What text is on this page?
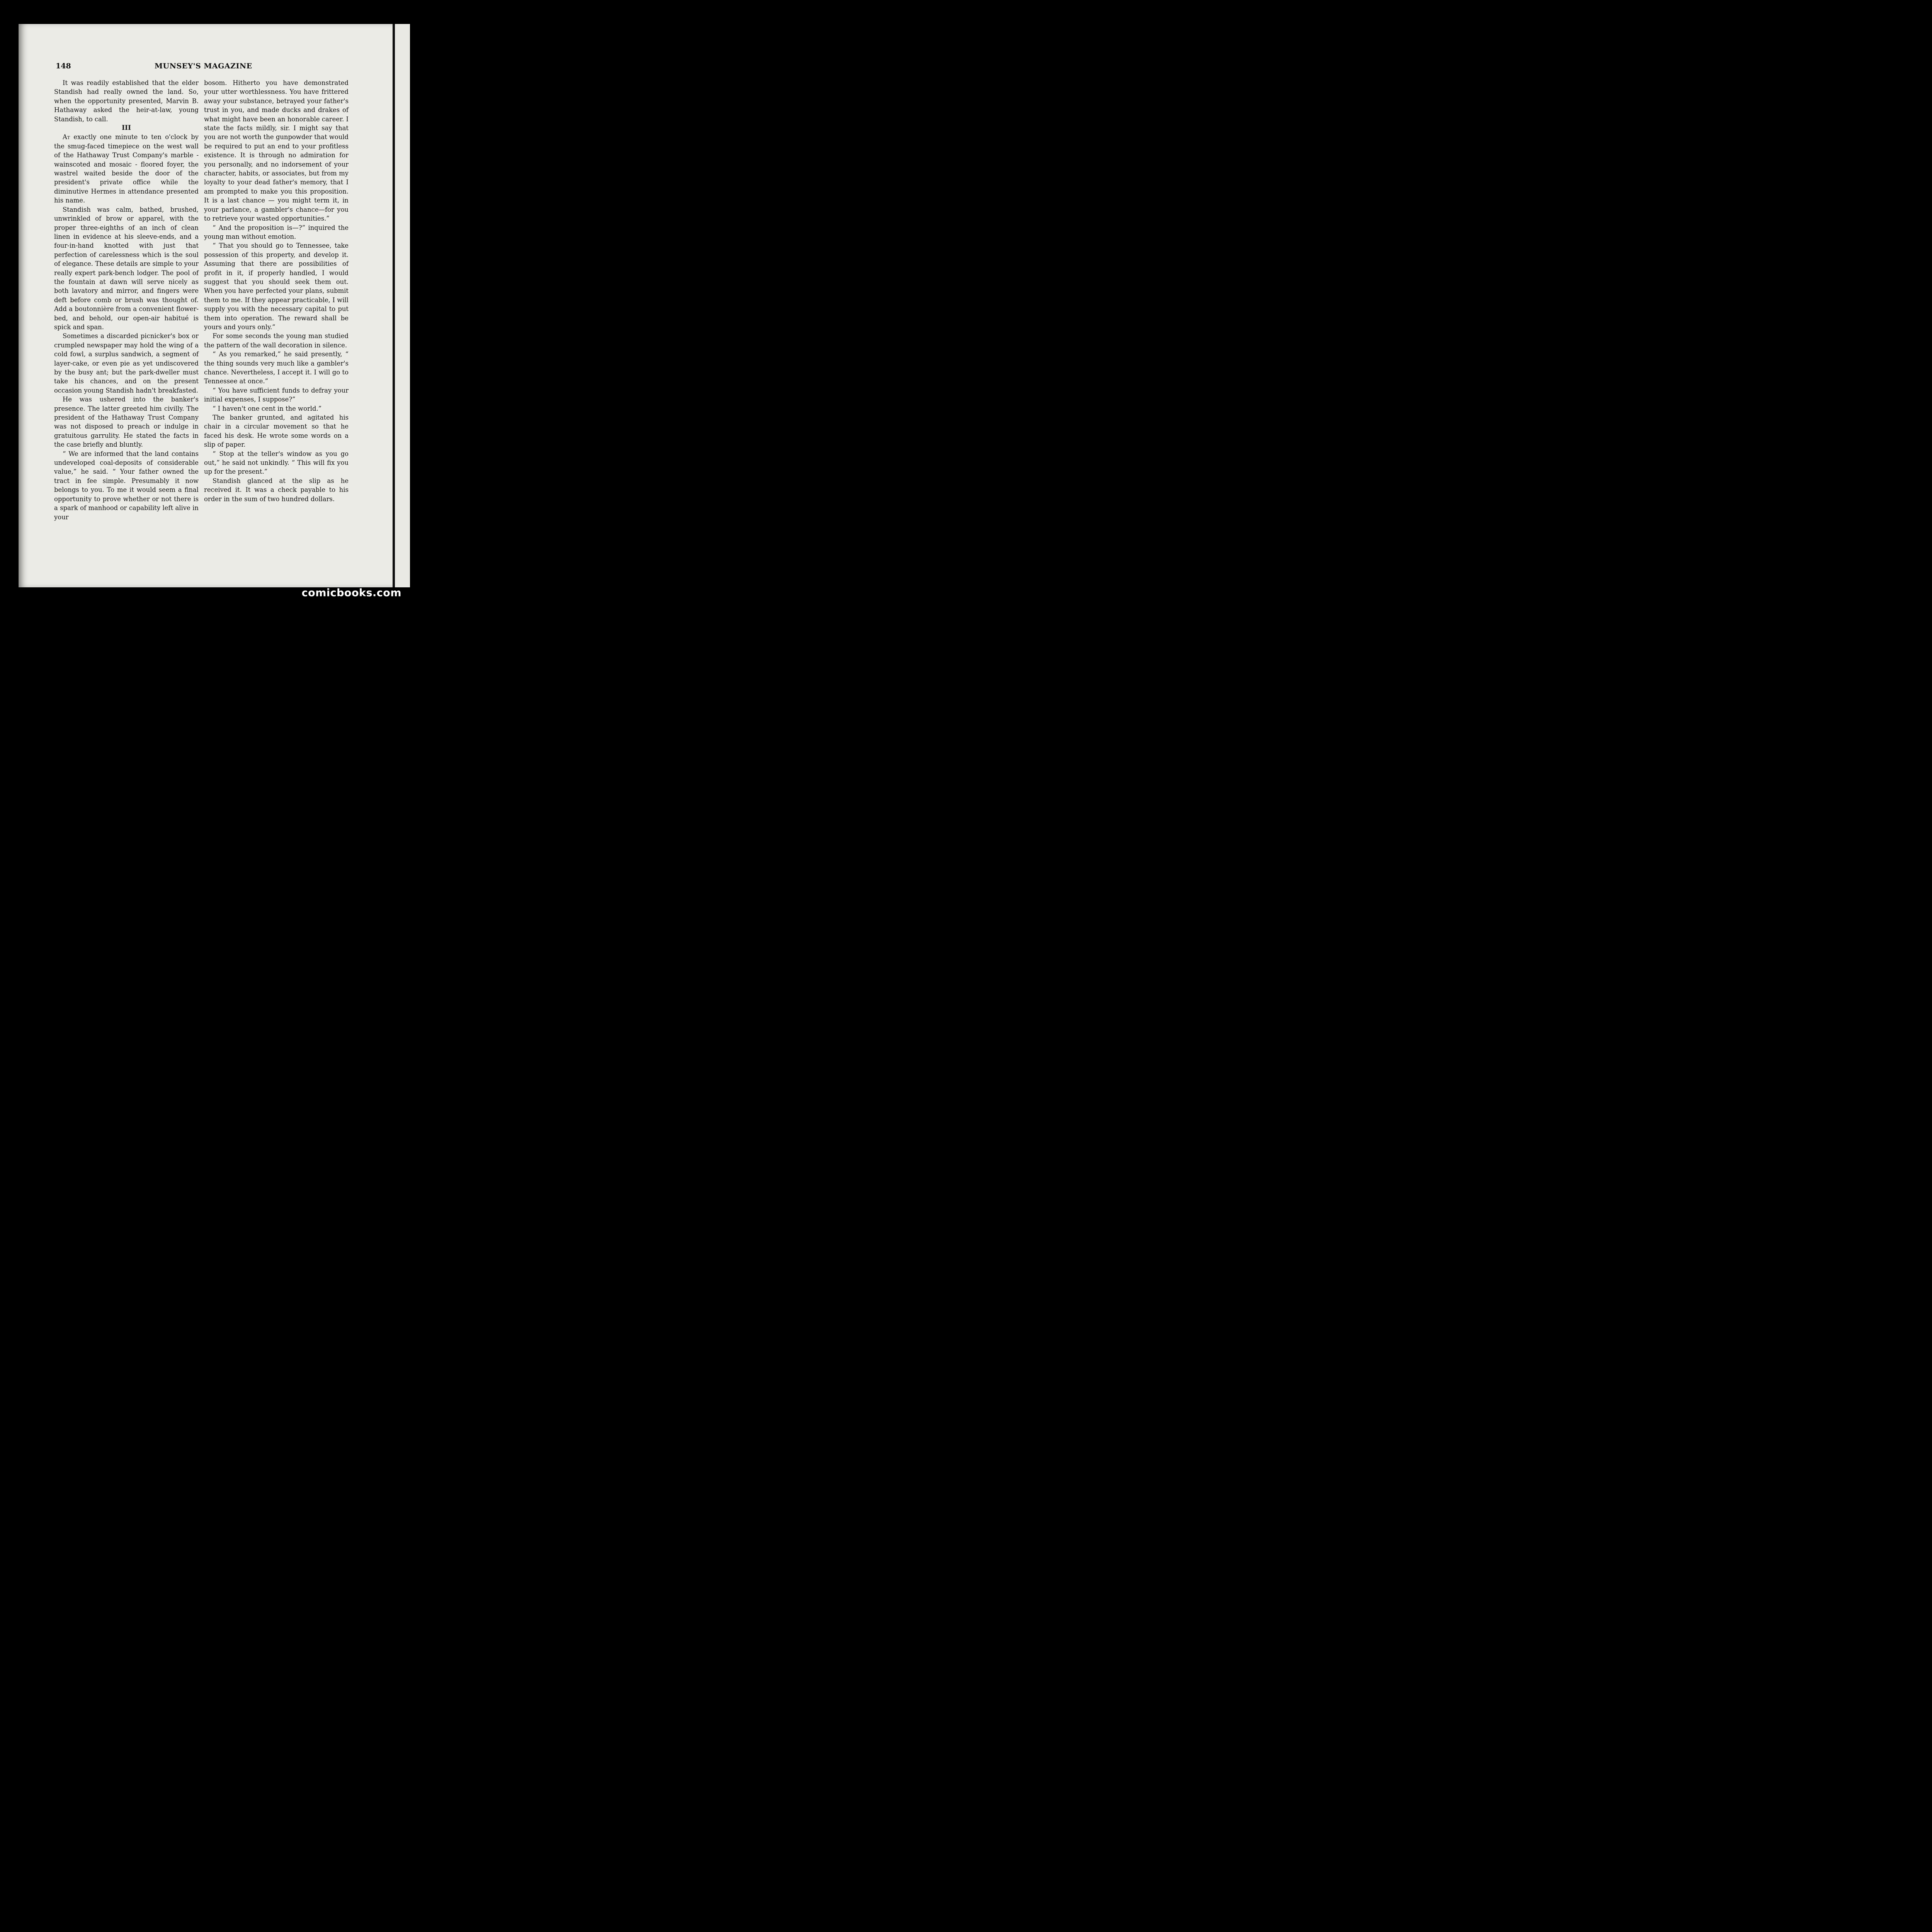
148	MUNSEY'S MAGAZINE

It was readily established that the elder Standish had really owned the land. So, when the opportunity presented, Marvin B. Hathaway asked the heir-at-law, young Standish, to call.

III

At exactly one minute to ten o'clock by the smug-faced timepiece on the west wall of the Hathaway Trust Company's marble - wainscoted and mosaic - floored foyer, the wastrel waited beside the door of the president's private office while the diminutive Hermes in attendance presented his name.

Standish was calm, bathed, brushed, unwrinkled of brow or apparel, with the proper three-eighths of an inch of clean linen in evidence at his sleeve-ends, and a four-in-hand knotted with just that perfection of carelessness which is the soul of elegance. These details are simple to your really expert park-bench lodger. The pool of the fountain at dawn will serve nicely as both lavatory and mirror, and fingers were deft before comb or brush was thought of. Add a boutonnière from a convenient flower-bed, and behold, our open-air habitué is spick and span.

Sometimes a discarded picnicker's box or crumpled newspaper may hold the wing of a cold fowl, a surplus sandwich, a segment of layer-cake, or even pie as yet undiscovered by the busy ant; but the park-dweller must take his chances, and on the present occasion young Standish hadn't breakfasted.

He was ushered into the banker's presence. The latter greeted him civilly. The president of the Hathaway Trust Company was not disposed to preach or indulge in gratuitous garrulity. He stated the facts in the case briefly and bluntly.

“ We are informed that the land contains undeveloped coal-deposits of considerable value,” he said. “ Your father owned the tract in fee simple. Presumably it now belongs to you. To me it would seem a final opportunity to prove whether or not there is a spark of manhood or capability left alive in your

bosom. Hitherto you have demonstrated your utter worthlessness. You have frittered away your substance, betrayed your father's trust in you, and made ducks and drakes of what might have been an honorable career. I state the facts mildly, sir. I might say that you are not worth the gunpowder that would be required to put an end to your profitless existence. It is through no admiration for you personally, and no indorsement of your character, habits, or associates, but from my loyalty to your dead father's memory, that I am prompted to make you this proposition. It is a last chance — you might term it, in your parlance, a gambler's chance—for you to retrieve your wasted opportunities.”

“ And the proposition is—?” inquired the young man without emotion.

“ That you should go to Tennessee, take possession of this property, and develop it. Assuming that there are possibilities of profit in it, if properly handled, I would suggest that you should seek them out. When you have perfected your plans, submit them to me. If they appear practicable, I will supply you with the necessary capital to put them into operation. The reward shall be yours and yours only.”

For some seconds the young man studied the pattern of the wall decoration in silence.

“ As you remarked,” he said presently, “ the thing sounds very much like a gambler's chance. Nevertheless, I accept it. I will go to Tennessee at once.”

“ You have sufficient funds to defray your initial expenses, I suppose?”

“ I haven't one cent in the world.”

The banker grunted, and agitated his chair in a circular movement so that he faced his desk. He wrote some words on a slip of paper.

“ Stop at the teller's window as you go out,” he said not unkindly. “ This will fix you up for the present.”

Standish glanced at the slip as he received it. It was a check payable to his order in the sum of two hundred dollars.

comicbooks.com
